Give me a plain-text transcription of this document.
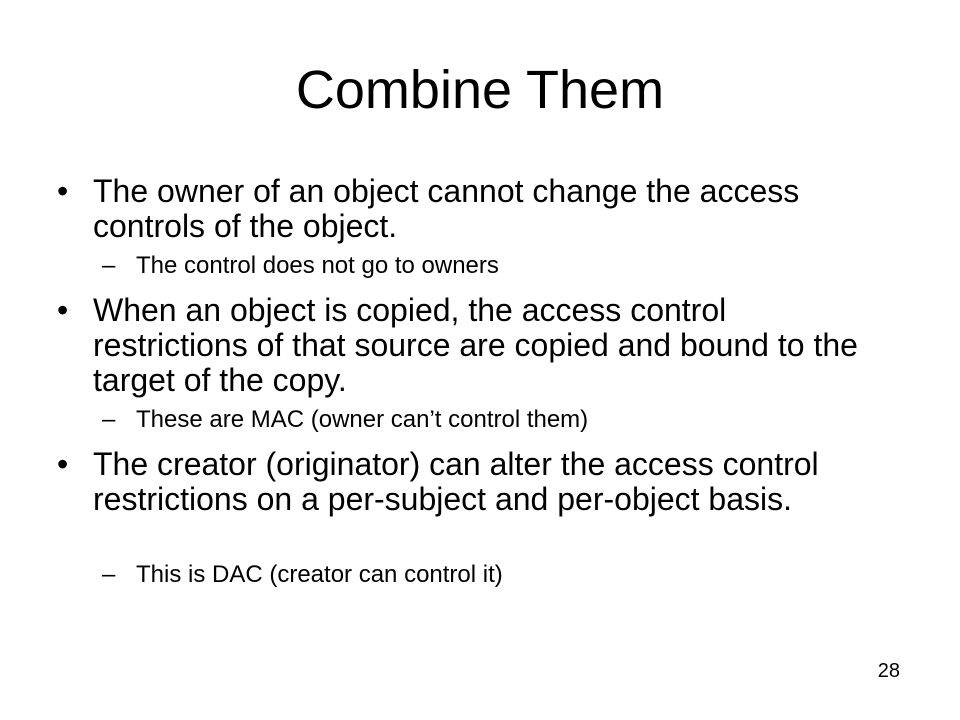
Combine Them
• The owner of an object cannot change the access controls of the object.
– The control does not go to owners
• When an object is copied, the access control restrictions of that source are copied and bound to the target of the copy.
– These are MAC (owner can’t control them)
• The creator (originator) can alter the access control restrictions on a per-subject and per-object basis.
– This is DAC (creator can control it)
28
